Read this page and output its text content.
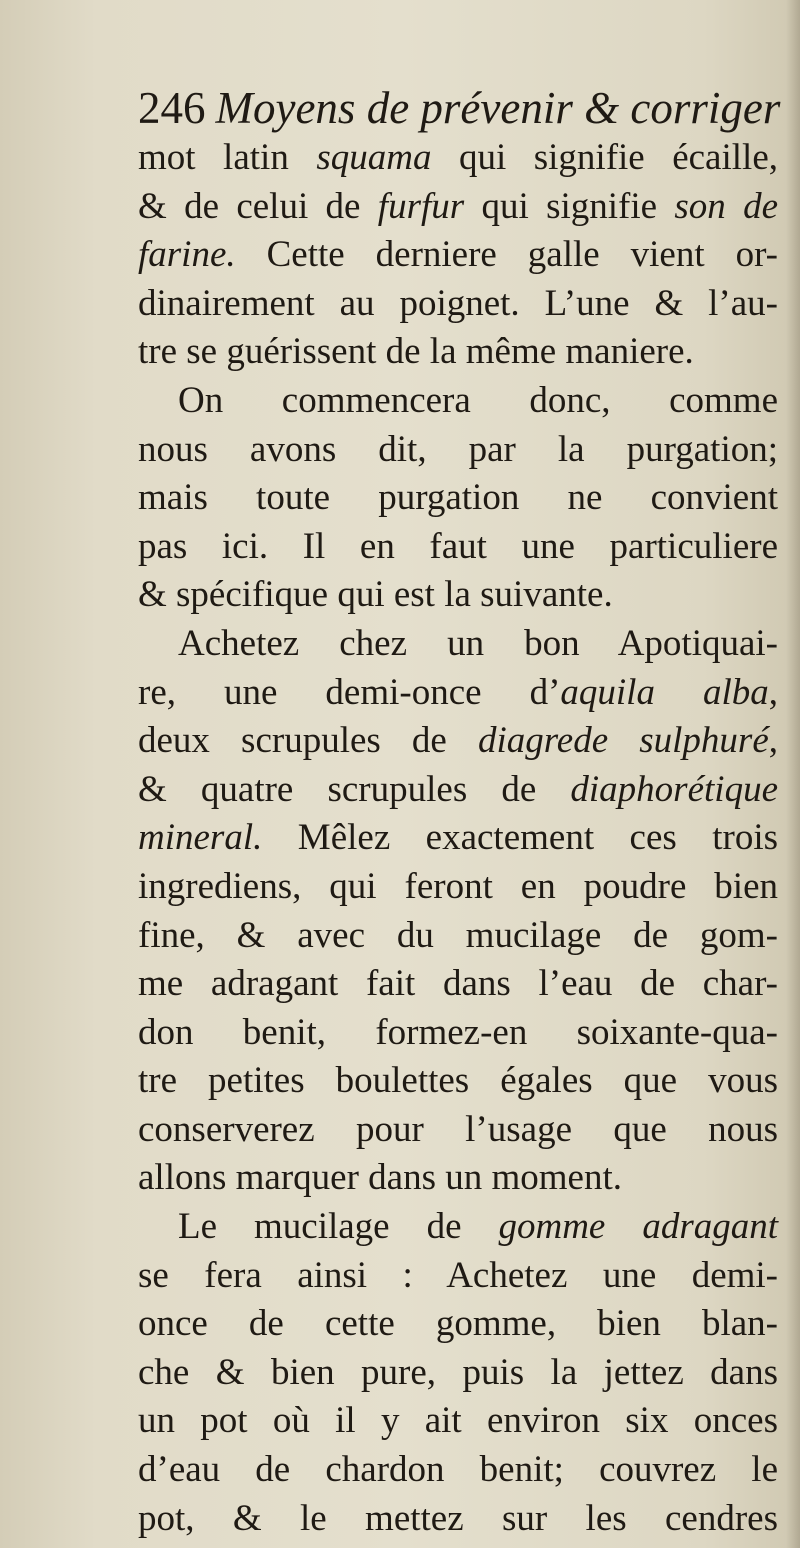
246 Moyens de prévenir & corriger
mot latin squama qui signifie écaille,
& de celui de furfur qui signifie son de
farine. Cette derniere galle vient or-
dinairement au poignet. L’une & l’au-
tre se guérissent de la même maniere.
On commencera donc, comme
nous avons dit, par la purgation;
mais toute purgation ne convient
pas ici. Il en faut une particuliere
& spécifique qui est la suivante.
Achetez chez un bon Apotiquai-
re, une demi-once d’aquila alba,
deux scrupules de diagrede sulphuré,
& quatre scrupules de diaphorétique
mineral. Mêlez exactement ces trois
ingrediens, qui feront en poudre bien
fine, & avec du mucilage de gom-
me adragant fait dans l’eau de char-
don benit, formez-en soixante-qua-
tre petites boulettes égales que vous
conserverez pour l’usage que nous
allons marquer dans un moment.
Le mucilage de gomme adragant
se fera ainsi : Achetez une demi-
once de cette gomme, bien blan-
che & bien pure, puis la jettez dans
un pot où il y ait environ six onces
d’eau de chardon benit; couvrez le
pot, & le mettez sur les cendres
